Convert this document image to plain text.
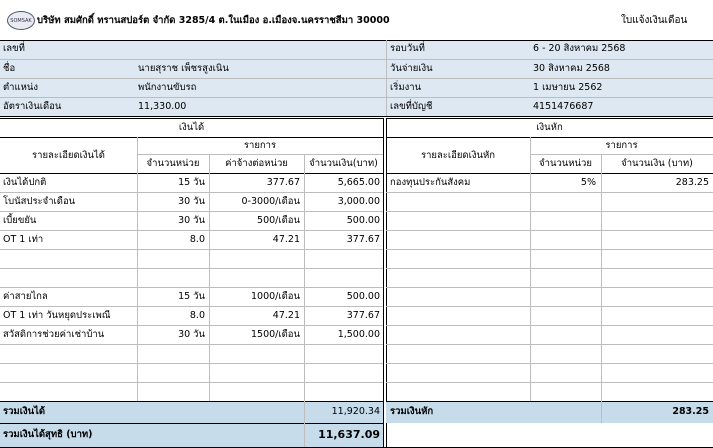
SOMSAK บริษัท สมศักดิ์ ทรานสปอร์ต จำกัด 3285/4 ต.ในเมือง อ.เมืองจ.นครราชสีมา 30000	ใบแจ้งเงินเดือน
เลขที่
ชื่อ	นายสุราช เพ็ชรสูงเนิน
ตำแหน่ง	พนักงานขับรถ
อัตราเงินเดือน	11,330.00
รอบวันที่	6 - 20 สิงหาคม 2568
วันจ่ายเงิน	30 สิงหาคม 2568
เริ่มงาน	1 เมษายน 2562
เลขที่บัญชี	4151476687
เงินได้
รายละเอียดเงินได้
รายการ
จำนวนหน่วย	ค่าจ้างต่อหน่วย	จำนวนเงิน(บาท)
เงินได้ปกติ	15 วัน	377.67	5,665.00
โบนัสประจำเดือน	30 วัน	0-3000/เดือน	3,000.00
เบี้ยขยัน	30 วัน	500/เดือน	500.00
OT 1 เท่า	8.0	47.21	377.67
ค่าสายไกล	15 วัน	1000/เดือน	500.00
OT 1 เท่า วันหยุดประเพณี	8.0	47.21	377.67
สวัสดิการช่วยค่าเช่าบ้าน	30 วัน	1500/เดือน	1,500.00
เงินหัก
รายละเอียดเงินหัก
รายการ
จำนวนหน่วย	จำนวนเงิน (บาท)
กองทุนประกันสังคม	5%	283.25
รวมเงินได้	11,920.34 รวมเงินหัก	283.25
รวมเงินได้สุทธิ (บาท)	11,637.09
